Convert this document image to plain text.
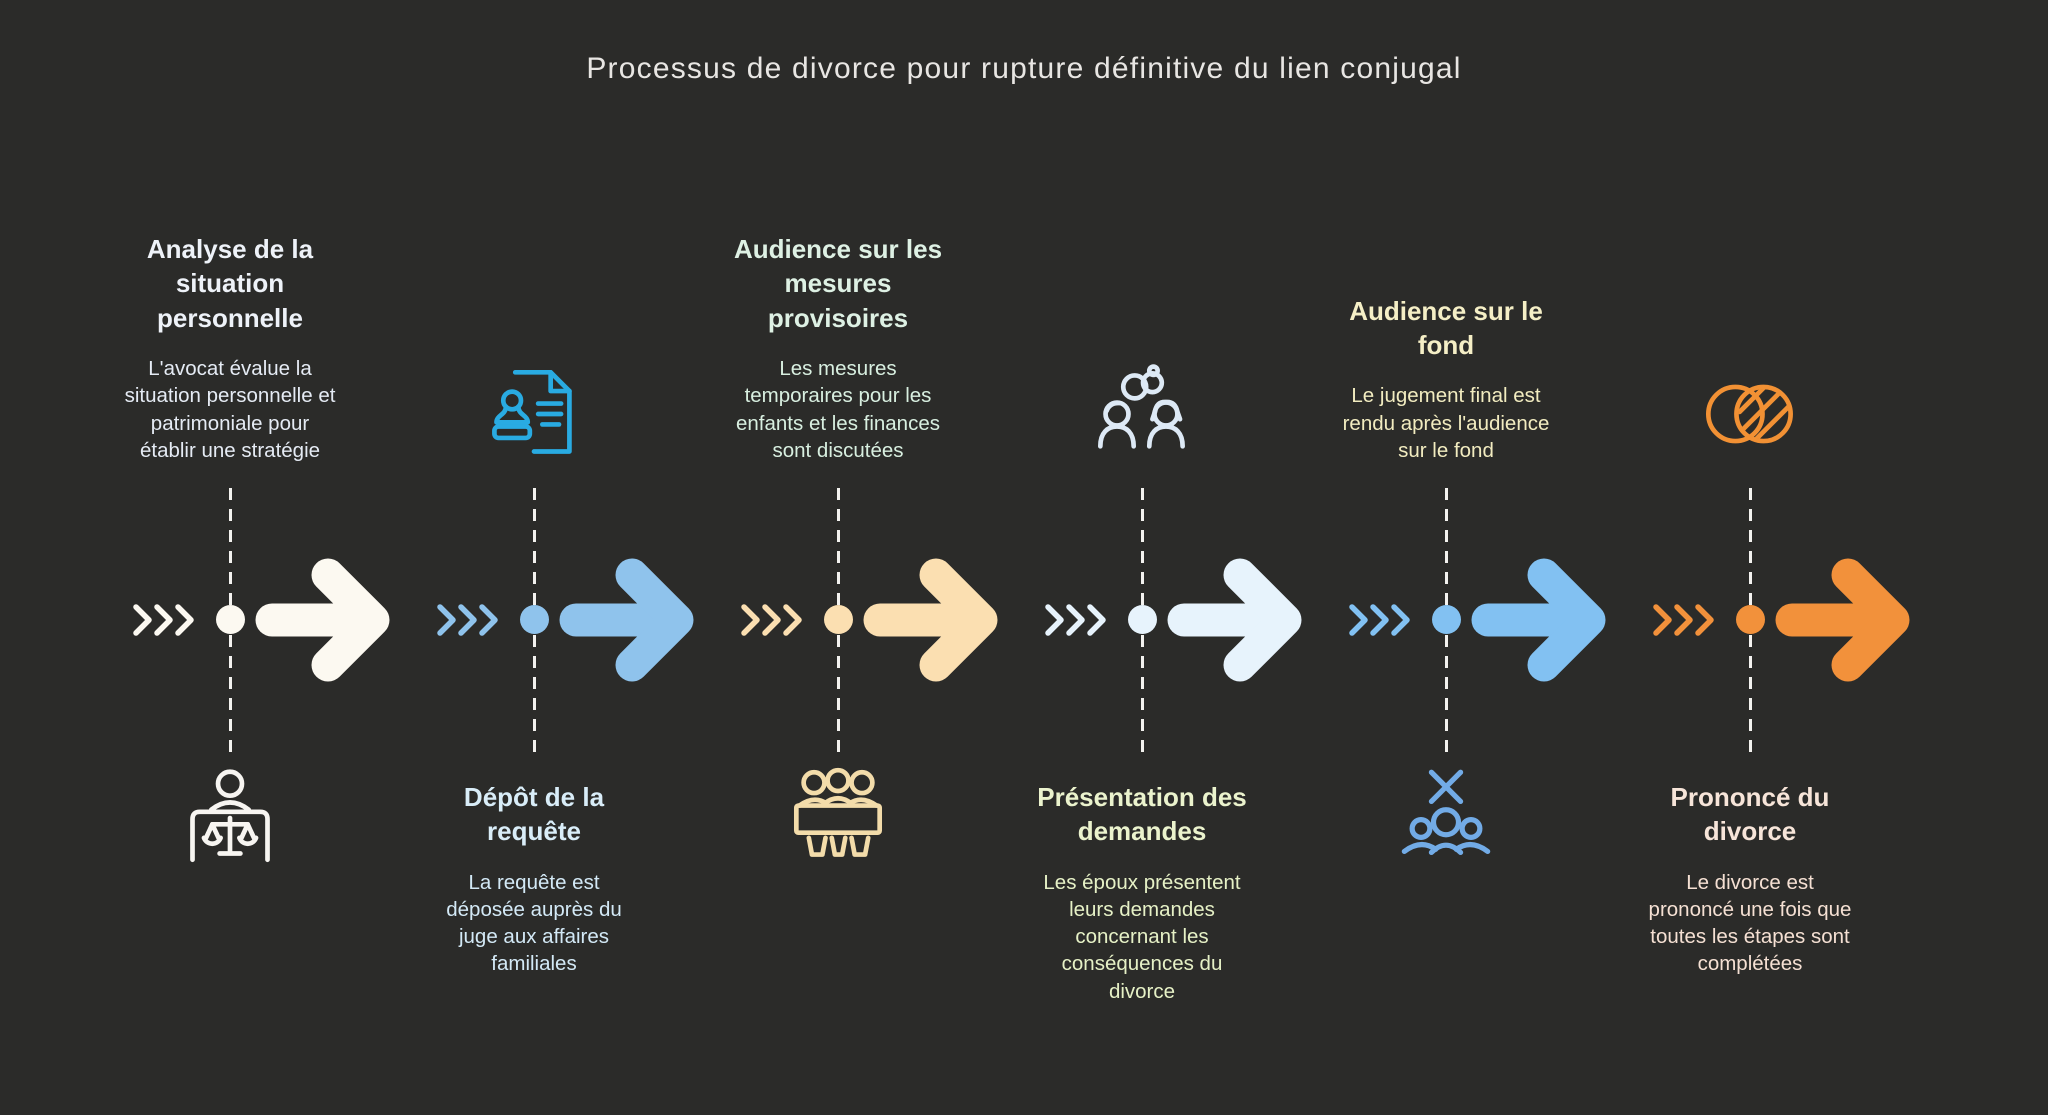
Processus de divorce pour rupture définitive du lien conjugal
Analyse de la situation personnelle

L'avocat évalue la situation personnelle et patrimoniale pour établir une stratégie

Dépôt de la requête

La requête est déposée auprès du juge aux affaires familiales

Audience sur les mesures provisoires

Les mesures temporaires pour les enfants et les finances sont discutées

Présentation des demandes

Les époux présentent leurs demandes concernant les conséquences du divorce

Audience sur le fond

Le jugement final est rendu après l'audience sur le fond

Prononcé du divorce

Le divorce est prononcé une fois que toutes les étapes sont complétées
